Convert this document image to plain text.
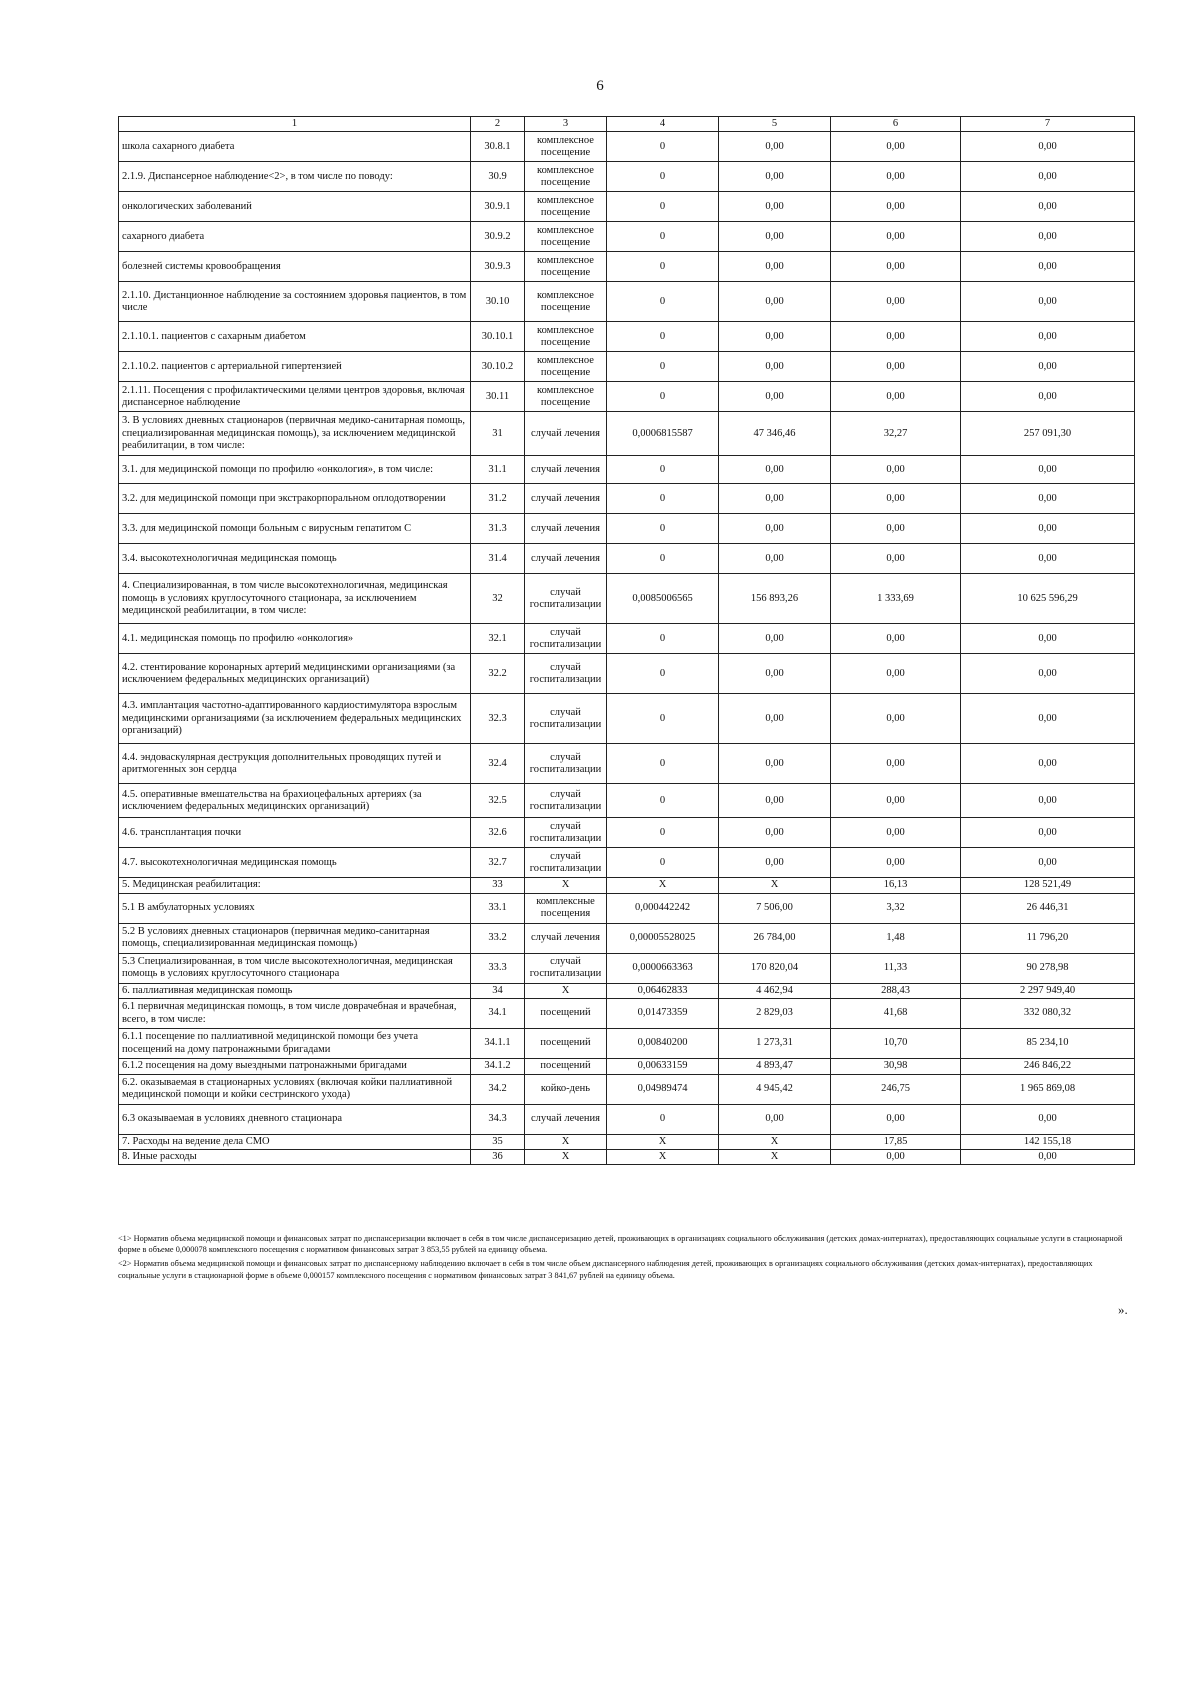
6
1	2	3	4	5	6	7
школа сахарного диабета	30.8.1	комплексное посещение	0	0,00	0,00	0,00
2.1.9. Диспансерное наблюдение<2>, в том числе по поводу:	30.9	комплексное посещение	0	0,00	0,00	0,00
онкологических заболеваний	30.9.1	комплексное посещение	0	0,00	0,00	0,00
сахарного диабета	30.9.2	комплексное посещение	0	0,00	0,00	0,00
болезней системы кровообращения	30.9.3	комплексное посещение	0	0,00	0,00	0,00
2.1.10. Дистанционное наблюдение за состоянием здоровья пациентов, в том числе	30.10	комплексное посещение	0	0,00	0,00	0,00
2.1.10.1. пациентов с сахарным диабетом	30.10.1	комплексное посещение	0	0,00	0,00	0,00
2.1.10.2. пациентов с артериальной гипертензией	30.10.2	комплексное посещение	0	0,00	0,00	0,00
2.1.11. Посещения с профилактическими целями центров здоровья, включая диспансерное наблюдение	30.11	комплексное посещение	0	0,00	0,00	0,00
3. В условиях дневных стационаров (первичная медико-санитарная помощь, специализированная медицинская помощь), за исключением медицинской реабилитации, в том числе:	31	случай лечения	0,0006815587	47 346,46	32,27	257 091,30
3.1. для медицинской помощи по профилю «онкология», в том числе:	31.1	случай лечения	0	0,00	0,00	0,00
3.2. для медицинской помощи при экстракорпоральном оплодотворении	31.2	случай лечения	0	0,00	0,00	0,00
3.3. для медицинской помощи больным с вирусным гепатитом С	31.3	случай лечения	0	0,00	0,00	0,00
3.4. высокотехнологичная медицинская помощь	31.4	случай лечения	0	0,00	0,00	0,00
4. Специализированная, в том числе высокотехнологичная, медицинская помощь в условиях круглосуточного стационара, за исключением медицинской реабилитации, в том числе:	32	случай госпитализации	0,0085006565	156 893,26	1 333,69	10 625 596,29
4.1. медицинская помощь по профилю «онкология»	32.1	случай госпитализации	0	0,00	0,00	0,00
4.2. стентирование коронарных артерий медицинскими организациями (за исключением федеральных медицинских организаций)	32.2	случай госпитализации	0	0,00	0,00	0,00
4.3. имплантация частотно-адаптированного кардиостимулятора взрослым медицинскими организациями (за исключением федеральных медицинских организаций)	32.3	случай госпитализации	0	0,00	0,00	0,00
4.4. эндоваскулярная деструкция дополнительных проводящих путей и аритмогенных зон сердца	32.4	случай госпитализации	0	0,00	0,00	0,00
4.5. оперативные вмешательства на брахиоцефальных артериях (за исключением федеральных медицинских организаций)	32.5	случай госпитализации	0	0,00	0,00	0,00
4.6. трансплантация почки	32.6	случай госпитализации	0	0,00	0,00	0,00
4.7. высокотехнологичная медицинская помощь	32.7	случай госпитализации	0	0,00	0,00	0,00
5. Медицинская реабилитация:	33	X	X	X	16,13	128 521,49
5.1 В амбулаторных условиях	33.1	комплексные посещения	0,000442242	7 506,00	3,32	26 446,31
5.2 В условиях дневных стационаров (первичная медико-санитарная помощь, специализированная медицинская помощь)	33.2	случай лечения	0,00005528025	26 784,00	1,48	11 796,20
5.3 Специализированная, в том числе высокотехнологичная, медицинская помощь в условиях круглосуточного стационара	33.3	случай госпитализации	0,0000663363	170 820,04	11,33	90 278,98
6. паллиативная медицинская помощь	34	X	0,06462833	4 462,94	288,43	2 297 949,40
6.1 первичная медицинская помощь, в том числе доврачебная и врачебная, всего, в том числе:	34.1	посещений	0,01473359	2 829,03	41,68	332 080,32
6.1.1 посещение по паллиативной медицинской помощи без учета посещений на дому патронажными бригадами	34.1.1	посещений	0,00840200	1 273,31	10,70	85 234,10
6.1.2 посещения на дому выездными патронажными бригадами	34.1.2	посещений	0,00633159	4 893,47	30,98	246 846,22
6.2. оказываемая в стационарных условиях (включая койки паллиативной медицинской помощи и койки сестринского ухода)	34.2	койко-день	0,04989474	4 945,42	246,75	1 965 869,08
6.3 оказываемая в условиях дневного стационара	34.3	случай лечения	0	0,00	0,00	0,00
7. Расходы на ведение дела СМО	35	X	X	X	17,85	142 155,18
8. Иные расходы	36	X	X	X	0,00	0,00

<1> Норматив объема медицинской помощи и финансовых затрат по диспансеризации включает в себя в том числе диспансеризацию детей, проживающих в организациях социального обслуживания (детских домах-интернатах), предоставляющих социальные услуги в стационарной форме в объеме 0,000078 комплексного посещения с нормативом финансовых затрат 3 853,55 рублей на единицу объема.

<2> Норматив объема медицинской помощи и финансовых затрат по диспансерному наблюдению включает в себя в том числе объем диспансерного наблюдения детей, проживающих в организациях социального обслуживания (детских домах-интернатах), предоставляющих социальные услуги в стационарной форме в объеме 0,000157 комплексного посещения с нормативом финансовых затрат 3 841,67 рублей на единицу объема.

».
